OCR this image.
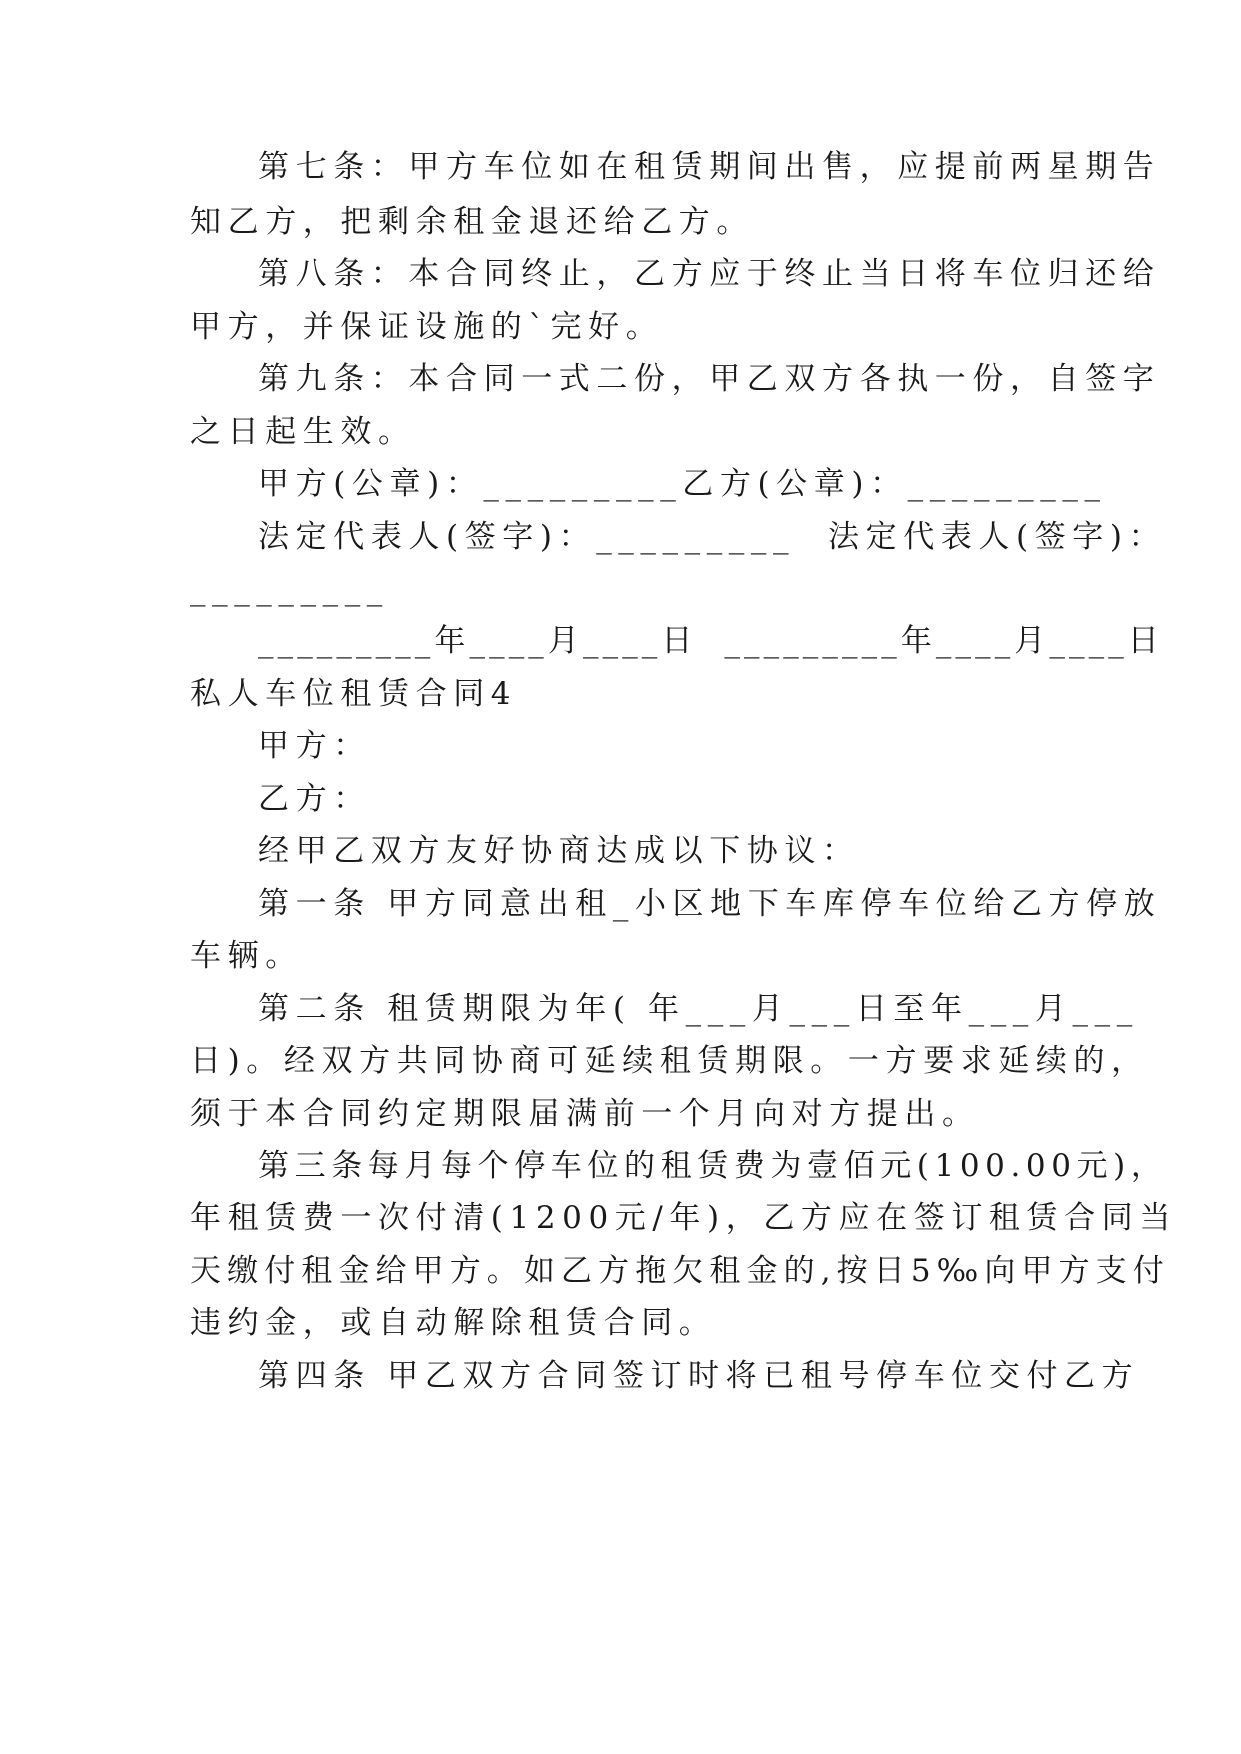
第七条：甲方车位如在租赁期间出售，应提前两星期告

知乙方，把剩余租金退还给乙方。

第八条：本合同终止，乙方应于终止当日将车位归还给

甲方，并保证设施的`完好。

第九条：本合同一式二份，甲乙双方各执一份，自签字

之日起生效。

甲方(公章)：_________乙方(公章)：_________

法定代表人(签字)：_________  法定代表人(签字)：

_________

_________年____月____日  _________年____月____日

私人车位租赁合同4

甲方：

乙方：

经甲乙双方友好协商达成以下协议：

第一条 甲方同意出租_小区地下车库停车位给乙方停放

车辆。

第二条 租赁期限为年( 年___月___日至年___月___

日)。经双方共同协商可延续租赁期限。一方要求延续的，

须于本合同约定期限届满前一个月向对方提出。

第三条每月每个停车位的租赁费为壹佰元(100.00元)，

年租赁费一次付清(1200元/年)，乙方应在签订租赁合同当

天缴付租金给甲方。如乙方拖欠租金的,按日5‰向甲方支付

违约金，或自动解除租赁合同。

第四条 甲乙双方合同签订时将已租号停车位交付乙方
